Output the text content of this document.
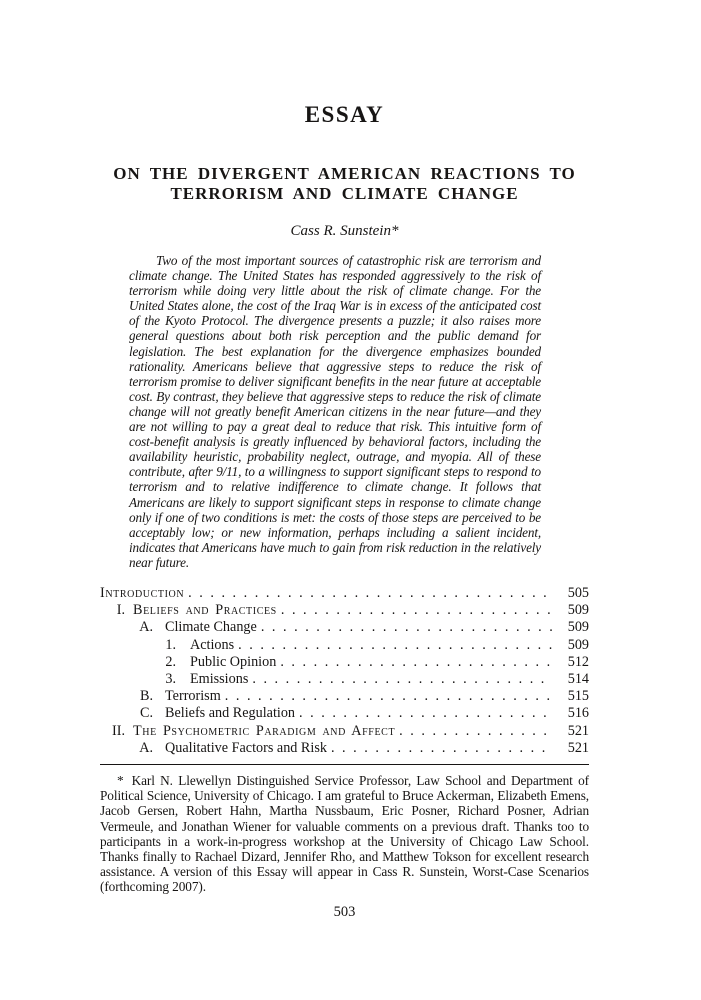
ESSAY
ON THE DIVERGENT AMERICAN REACTIONS TO
TERRORISM AND CLIMATE CHANGE
Cass R. Sunstein*

Two of the most important sources of catastrophic risk are terrorism and climate change. The United States has responded aggressively to the risk of terrorism while doing very little about the risk of climate change. For the United States alone, the cost of the Iraq War is in excess of the anticipated cost of the Kyoto Protocol. The divergence presents a puzzle; it also raises more general questions about both risk perception and the public demand for legislation. The best explanation for the divergence emphasizes bounded rationality. Americans believe that aggressive steps to reduce the risk of terrorism promise to deliver significant benefits in the near future at acceptable cost. By contrast, they believe that aggressive steps to reduce the risk of climate change will not greatly benefit American citizens in the near future—and they are not willing to pay a great deal to reduce that risk. This intuitive form of cost-benefit analysis is greatly influenced by behavioral factors, including the availability heuristic, probability neglect, outrage, and myopia. All of these contribute, after 9/11, to a willingness to support significant steps to respond to terrorism and to relative indifference to climate change. It follows that Americans are likely to support significant steps in response to climate change only if one of two conditions is met: the costs of those steps are perceived to be acceptably low; or new information, perhaps including a salient incident, indicates that Americans have much to gain from risk reduction in the relatively near future.

Introduction . . .	505
I. Beliefs and Practices . . .	509
A. Climate Change . . .	509
1. Actions . . .	509
2. Public Opinion . . .	512
3. Emissions . . .	514
B. Terrorism . . .	515
C. Beliefs and Regulation . . .	516
II. The Psychometric Paradigm and Affect . . .	521
A. Qualitative Factors and Risk . . .	521

* Karl N. Llewellyn Distinguished Service Professor, Law School and Department of Political Science, University of Chicago. I am grateful to Bruce Ackerman, Elizabeth Emens, Jacob Gersen, Robert Hahn, Martha Nussbaum, Eric Posner, Richard Posner, Adrian Vermeule, and Jonathan Wiener for valuable comments on a previous draft. Thanks too to participants in a work-in-progress workshop at the University of Chicago Law School. Thanks finally to Rachael Dizard, Jennifer Rho, and Matthew Tokson for excellent research assistance. A version of this Essay will appear in Cass R. Sunstein, Worst-Case Scenarios (forthcoming 2007).

503
